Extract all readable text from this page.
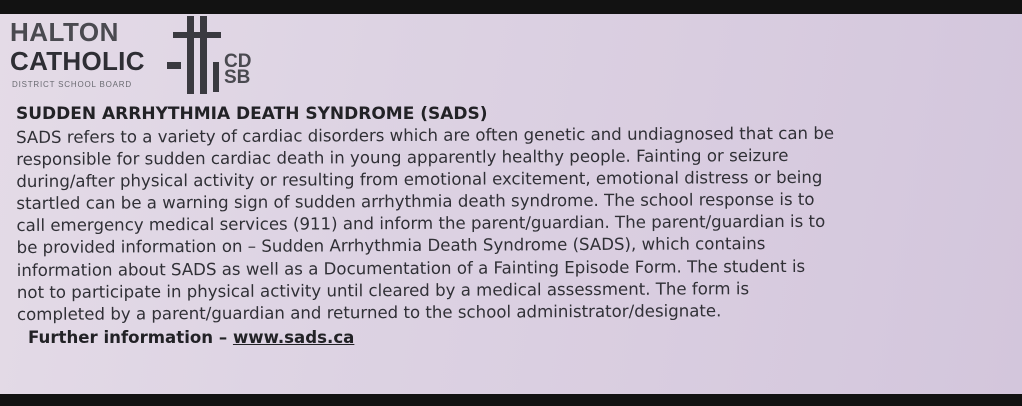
HALTON
CATHOLIC
DISTRICT SCHOOL BOARD
CD
SB
SUDDEN ARRHYTHMIA DEATH SYNDROME (SADS)

SADS refers to a variety of cardiac disorders which are often genetic and undiagnosed that can be
responsible for sudden cardiac death in young apparently healthy people. Fainting or seizure
during/after physical activity or resulting from emotional excitement, emotional distress or being
startled can be a warning sign of sudden arrhythmia death syndrome. The school response is to
call emergency medical services (911) and inform the parent/guardian. The parent/guardian is to
be provided information on – Sudden Arrhythmia Death Syndrome (SADS), which contains
information about SADS as well as a Documentation of a Fainting Episode Form. The student is
not to participate in physical activity until cleared by a medical assessment. The form is
completed by a parent/guardian and returned to the school administrator/designate.

Further information – www.sads.ca
